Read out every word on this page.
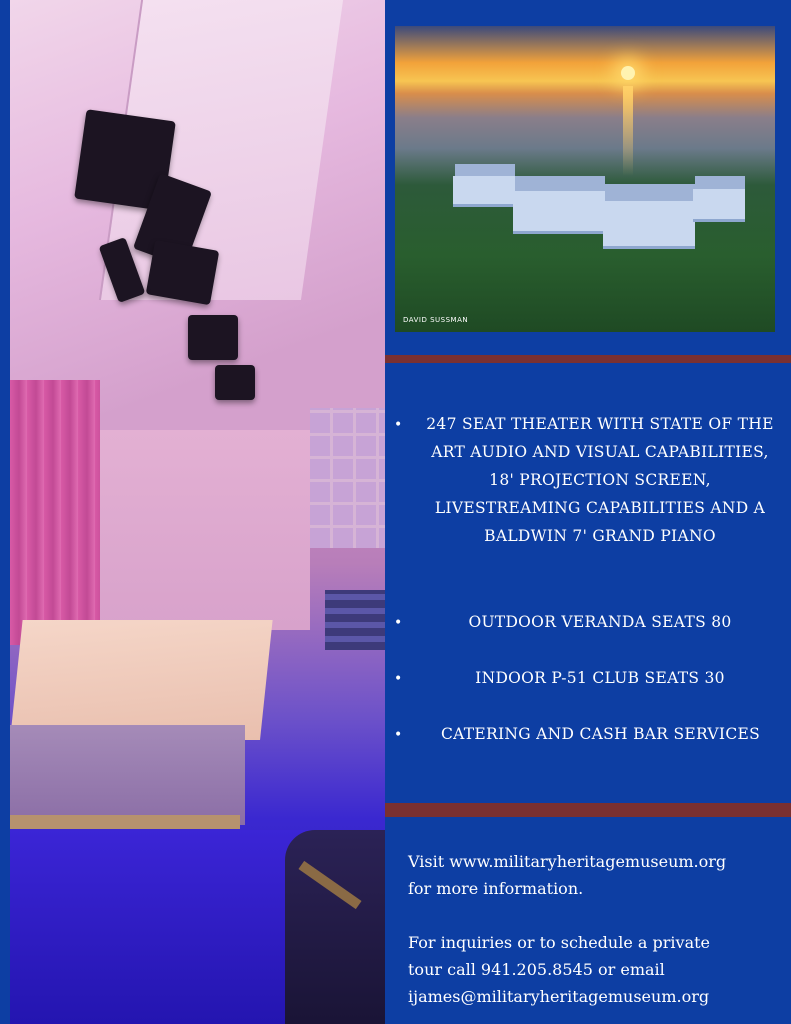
DAVID SUSSMAN
•	247 SEAT THEATER WITH STATE OF THE ART AUDIO AND VISUAL CAPABILITIES, 18' PROJECTION SCREEN, LIVESTREAMING CAPABILITIES AND A BALDWIN 7' GRAND PIANO
•	OUTDOOR VERANDA SEATS 80
•	INDOOR P-51 CLUB SEATS 30
•	CATERING AND CASH BAR SERVICES

Visit www.militaryheritagemuseum.org

for more information.

For inquiries or to schedule a private

tour call 941.205.8545 or email

ijames@militaryheritagemuseum.org
